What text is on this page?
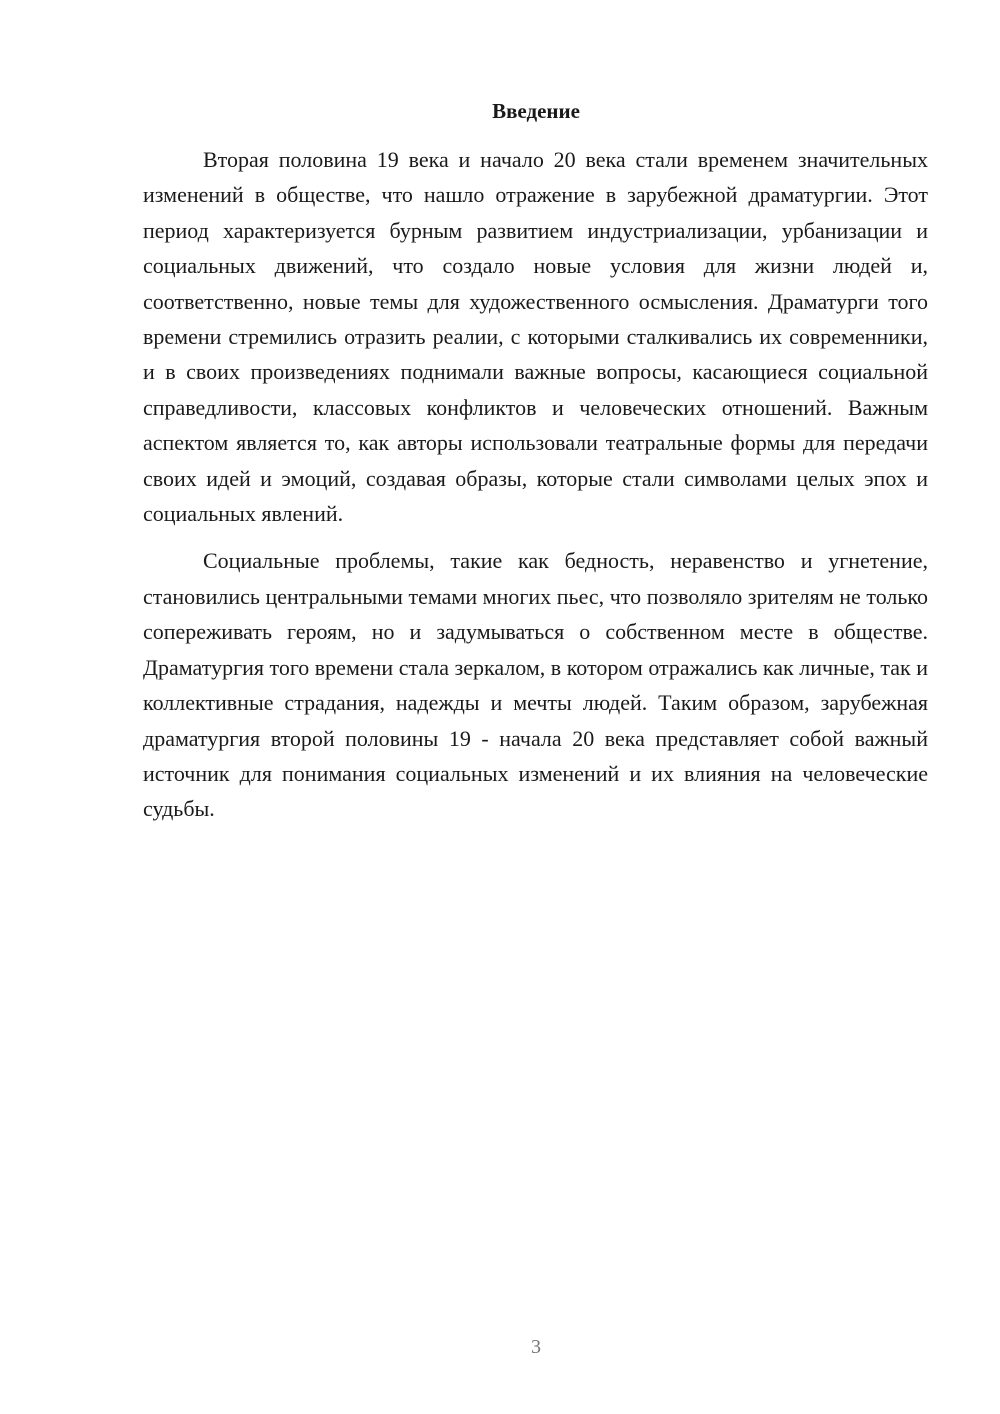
Введение

Вторая половина 19 века и начало 20 века стали временем значительных изменений в обществе, что нашло отражение в зарубежной драматургии. Этот период характеризуется бурным развитием индустриализации, урбанизации и социальных движений, что создало новые условия для жизни людей и, соответственно, новые темы для художественного осмысления. Драматурги того времени стремились отразить реалии, с которыми сталкивались их современники, и в своих произведениях поднимали важные вопросы, касающиеся социальной справедливости, классовых конфликтов и человеческих отношений. Важным аспектом является то, как авторы использовали театральные формы для передачи своих идей и эмоций, создавая образы, которые стали символами целых эпох и социальных явлений.

Социальные проблемы, такие как бедность, неравенство и угнетение, становились центральными темами многих пьес, что позволяло зрителям не только сопереживать героям, но и задумываться о собственном месте в обществе. Драматургия того времени стала зеркалом, в котором отражались как личные, так и коллективные страдания, надежды и мечты людей. Таким образом, зарубежная драматургия второй половины 19 - начала 20 века представляет собой важный источник для понимания социальных изменений и их влияния на человеческие судьбы.

3
